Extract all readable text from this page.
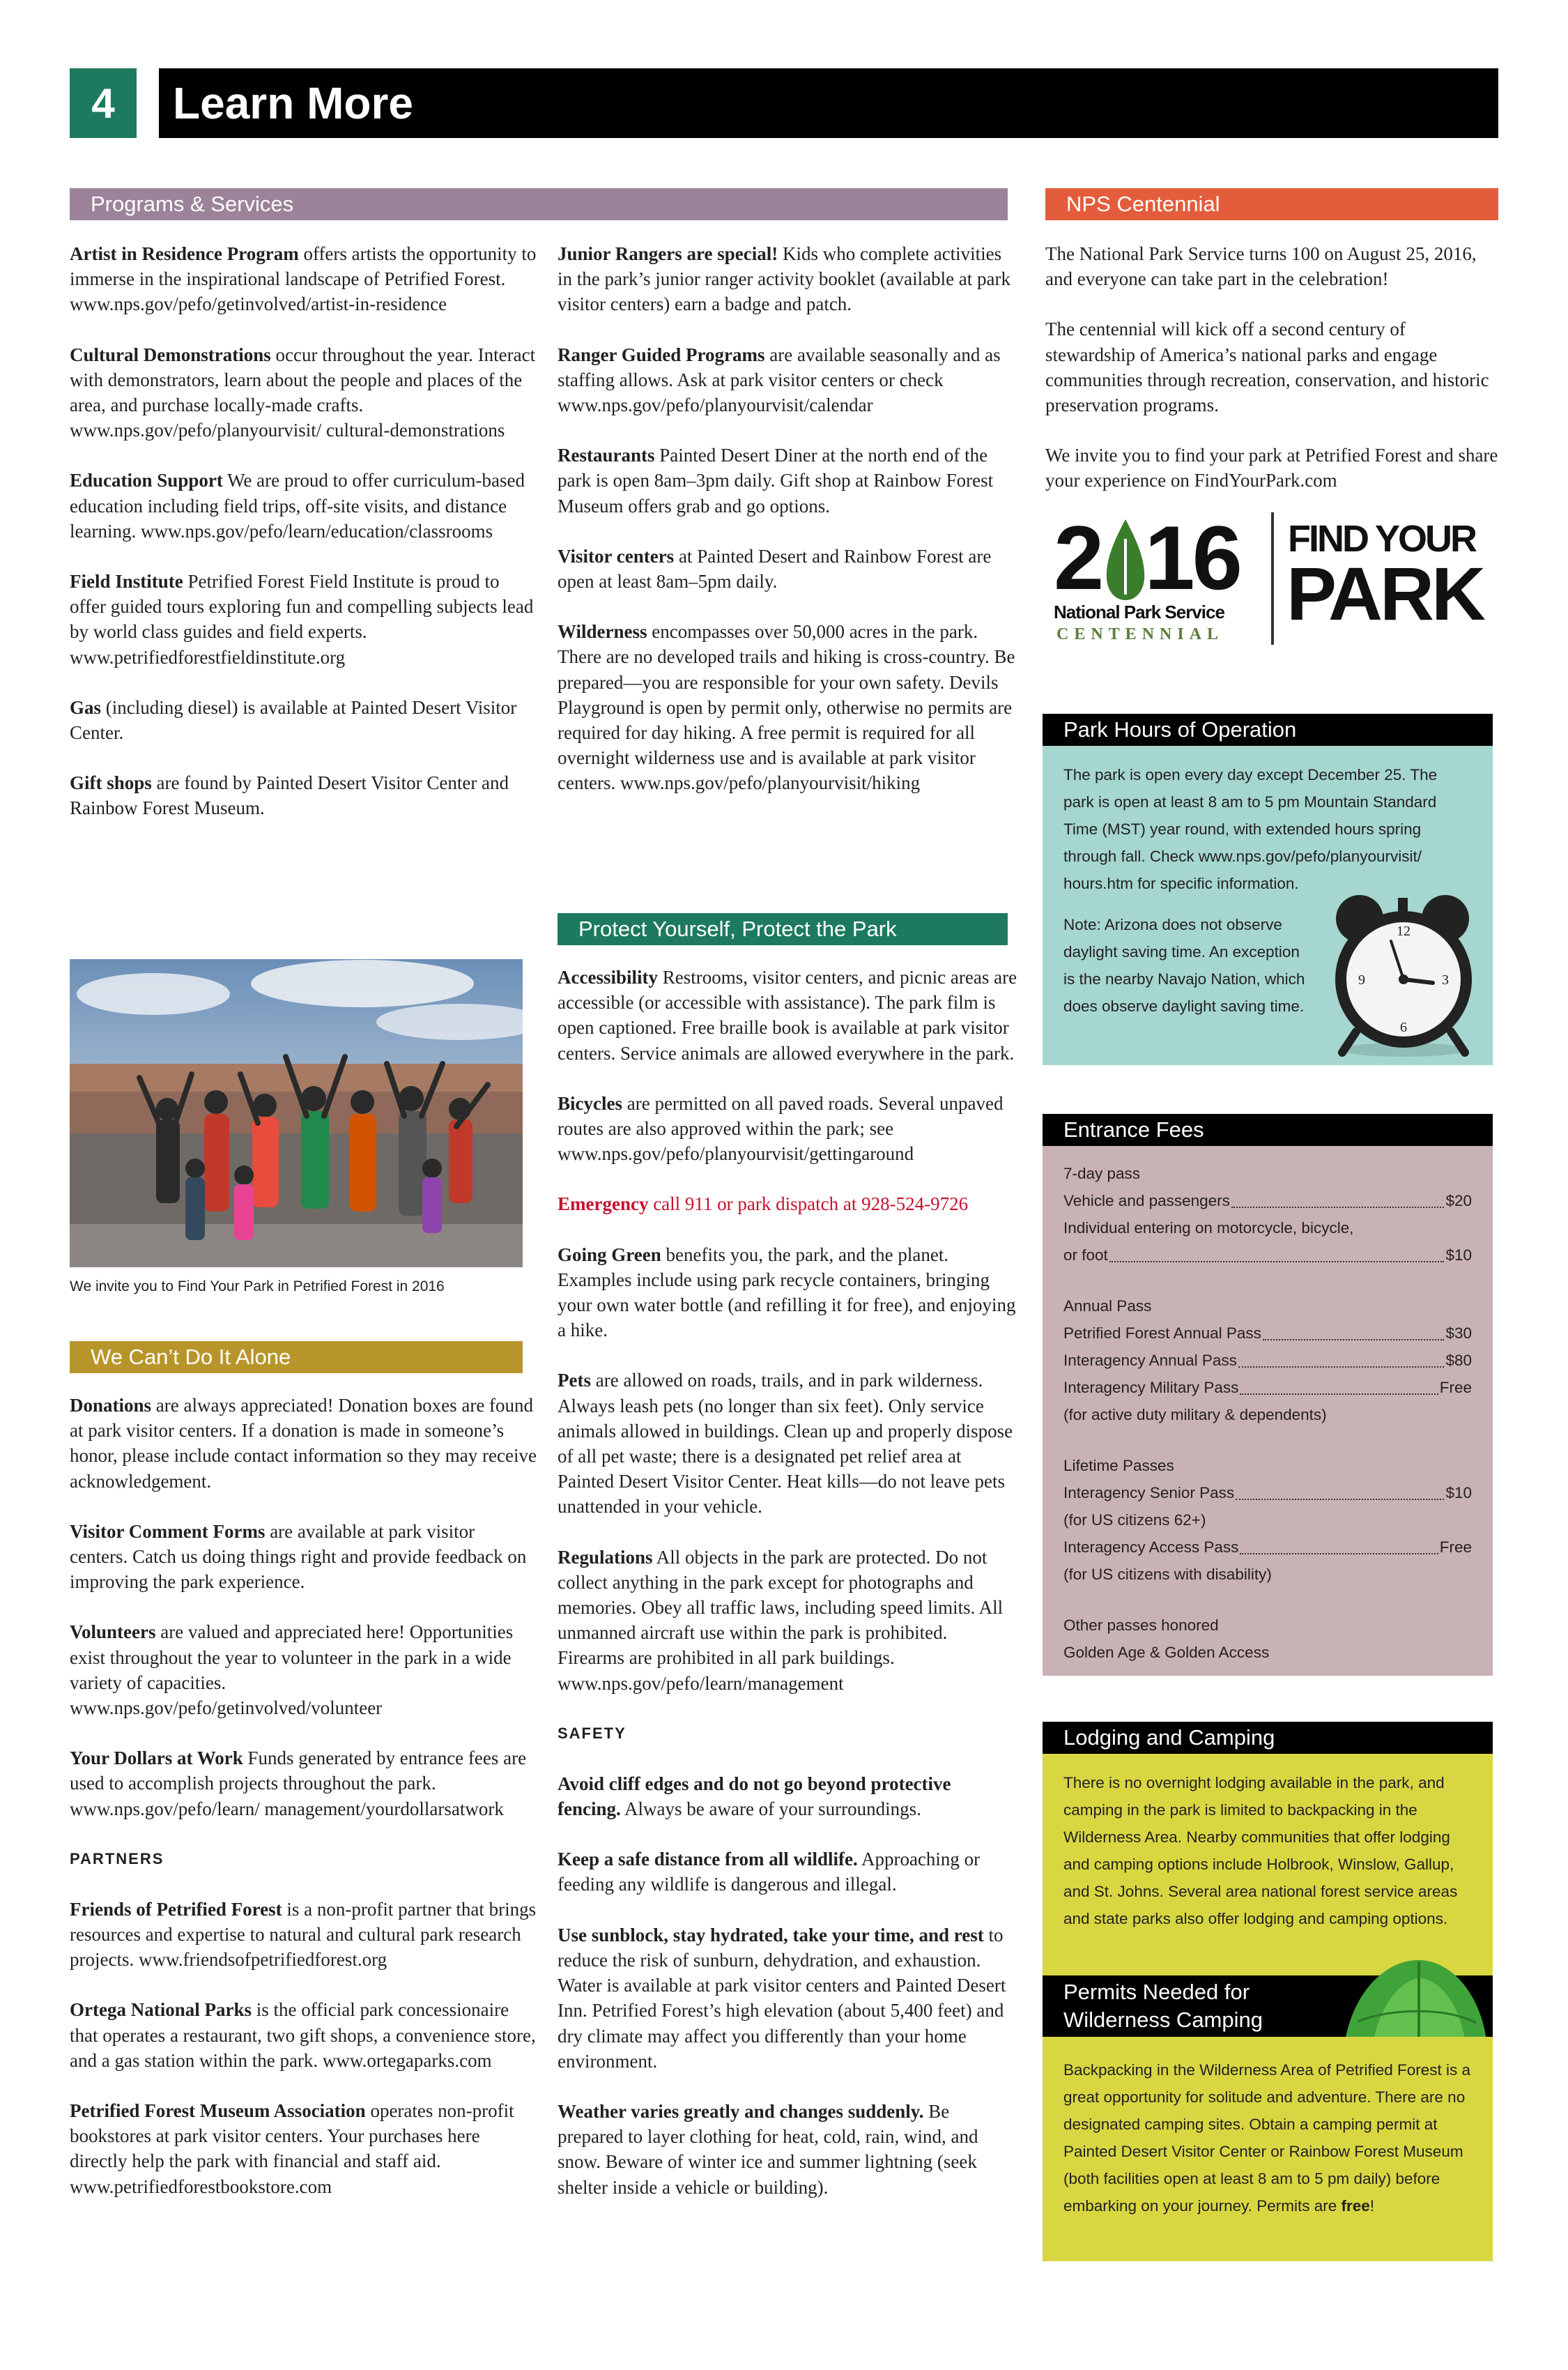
4	Learn More
Programs & Services

Artist in Residence Program offers artists the opportunity to immerse in the inspirational landscape of Petrified Forest. www.nps.gov/pefo/getinvolved/artist-in-residence

Cultural Demonstrations occur throughout the year. Interact with demonstrators, learn about the people and places of the area, and purchase locally-made crafts. www.nps.gov/pefo/planyourvisit/ cultural-demonstrations

Education Support We are proud to offer curriculum-based education including field trips, off-site visits, and distance learning. www.nps.gov/pefo/learn/education/classrooms

Field Institute Petrified Forest Field Institute is proud to offer guided tours exploring fun and compelling subjects lead by world class guides and field experts. www.petrifiedforestfieldinstitute.org

Gas (including diesel) is available at Painted Desert Visitor Center.

Gift shops are found by Painted Desert Visitor Center and Rainbow Forest Museum.

We invite you to Find Your Park in Petrified Forest in 2016
We Can’t Do It Alone

Donations are always appreciated! Donation boxes are found at park visitor centers. If a donation is made in someone’s honor, please include contact information so they may receive acknowledgement.

Visitor Comment Forms are available at park visitor centers. Catch us doing things right and provide feedback on improving the park experience.

Volunteers are valued and appreciated here! Opportunities exist throughout the year to volunteer in the park in a wide variety of capacities. www.nps.gov/pefo/getinvolved/volunteer

Your Dollars at Work Funds generated by entrance fees are used to accomplish projects throughout the park. www.nps.gov/pefo/learn/ management/yourdollarsatwork

PARTNERS

Friends of Petrified Forest is a non-profit partner that brings resources and expertise to natural and cultural park research projects. www.friendsofpetrifiedforest.org

Ortega National Parks is the official park concessionaire that operates a restaurant, two gift shops, a convenience store, and a gas station within the park. www.ortegaparks.com

Petrified Forest Museum Association operates non-profit bookstores at park visitor centers. Your purchases here directly help the park with financial and staff aid. www.petrifiedforestbookstore.com

Junior Rangers are special! Kids who complete activities in the park’s junior ranger activity booklet (available at park visitor centers) earn a badge and patch.

Ranger Guided Programs are available seasonally and as staffing allows. Ask at park visitor centers or check www.nps.gov/pefo/planyourvisit/calendar

Restaurants Painted Desert Diner at the north end of the park is open 8am–3pm daily. Gift shop at Rainbow Forest Museum offers grab and go options.

Visitor centers at Painted Desert and Rainbow Forest are open at least 8am–5pm daily.

Wilderness encompasses over 50,000 acres in the park. There are no developed trails and hiking is cross-country. Be prepared—you are responsible for your own safety. Devils Playground is open by permit only, otherwise no permits are required for day hiking. A free permit is required for all overnight wilderness use and is available at park visitor centers. www.nps.gov/pefo/planyourvisit/hiking

Protect Yourself, Protect the Park

Accessibility Restrooms, visitor centers, and picnic areas are accessible (or accessible with assistance). The park film is open captioned. Free braille book is available at park visitor centers. Service animals are allowed everywhere in the park.

Bicycles are permitted on all paved roads. Several unpaved routes are also approved within the park; see www.nps.gov/pefo/planyourvisit/gettingaround

Emergency call 911 or park dispatch at 928-524-9726

Going Green benefits you, the park, and the planet. Examples include using park recycle containers, bringing your own water bottle (and refilling it for free), and enjoying a hike.

Pets are allowed on roads, trails, and in park wilderness. Always leash pets (no longer than six feet). Only service animals allowed in buildings. Clean up and properly dispose of all pet waste; there is a designated pet relief area at Painted Desert Visitor Center. Heat kills—do not leave pets unattended in your vehicle.

Regulations All objects in the park are protected. Do not collect anything in the park except for photographs and memories. Obey all traffic laws, including speed limits. All unmanned aircraft use within the park is prohibited. Firearms are prohibited in all park buildings. www.nps.gov/pefo/learn/management

SAFETY

Avoid cliff edges and do not go beyond protective fencing. Always be aware of your surroundings.

Keep a safe distance from all wildlife. Approaching or feeding any wildlife is dangerous and illegal.

Use sunblock, stay hydrated, take your time, and rest to reduce the risk of sunburn, dehydration, and exhaustion. Water is available at park visitor centers and Painted Desert Inn. Petrified Forest’s high elevation (about 5,400 feet) and dry climate may affect you differently than your home environment.

Weather varies greatly and changes suddenly. Be prepared to layer clothing for heat, cold, rain, wind, and snow. Beware of winter ice and summer lightning (seek shelter inside a vehicle or building).

NPS Centennial

The National Park Service turns 100 on August 25, 2016, and everyone can take part in the celebration!

The centennial will kick off a second century of stewardship of America’s national parks and engage communities through recreation, conservation, and historic preservation programs.

We invite you to find your park at Petrified Forest and share your experience on FindYourPark.com

2 16
National Park Service
CENTENNIAL
FIND YOUR
PARK
Park Hours of Operation

The park is open every day except December 25. The park is open at least 8 am to 5 pm Mountain Standard Time (MST) year round, with extended hours spring through fall. Check www.nps.gov/pefo/planyourvisit/ hours.htm for specific information.

Note: Arizona does not observe daylight saving time. An exception is the nearby Navajo Nation, which does observe daylight saving time.

12
3
6
9
Entrance Fees
7-day pass
Vehicle and passengers	$20
Individual entering on motorcycle, bicycle,
or foot	$10
Annual Pass
Petrified Forest Annual Pass	$30
Interagency Annual Pass	$80
Interagency Military Pass	Free
(for active duty military & dependents)
Lifetime Passes
Interagency Senior Pass	$10
(for US citizens 62+)
Interagency Access Pass	Free
(for US citizens with disability)
Other passes honored
Golden Age & Golden Access
Lodging and Camping

There is no overnight lodging available in the park, and camping in the park is limited to backpacking in the Wilderness Area. Nearby communities that offer lodging and camping options include Holbrook, Winslow, Gallup, and St. Johns. Several area national forest service areas and state parks also offer lodging and camping options.

Permits Needed for
Wilderness Camping

Backpacking in the Wilderness Area of Petrified Forest is a great opportunity for solitude and adventure. There are no designated camping sites. Obtain a camping permit at Painted Desert Visitor Center or Rainbow Forest Museum (both facilities open at least 8 am to 5 pm daily) before embarking on your journey. Permits are free!
